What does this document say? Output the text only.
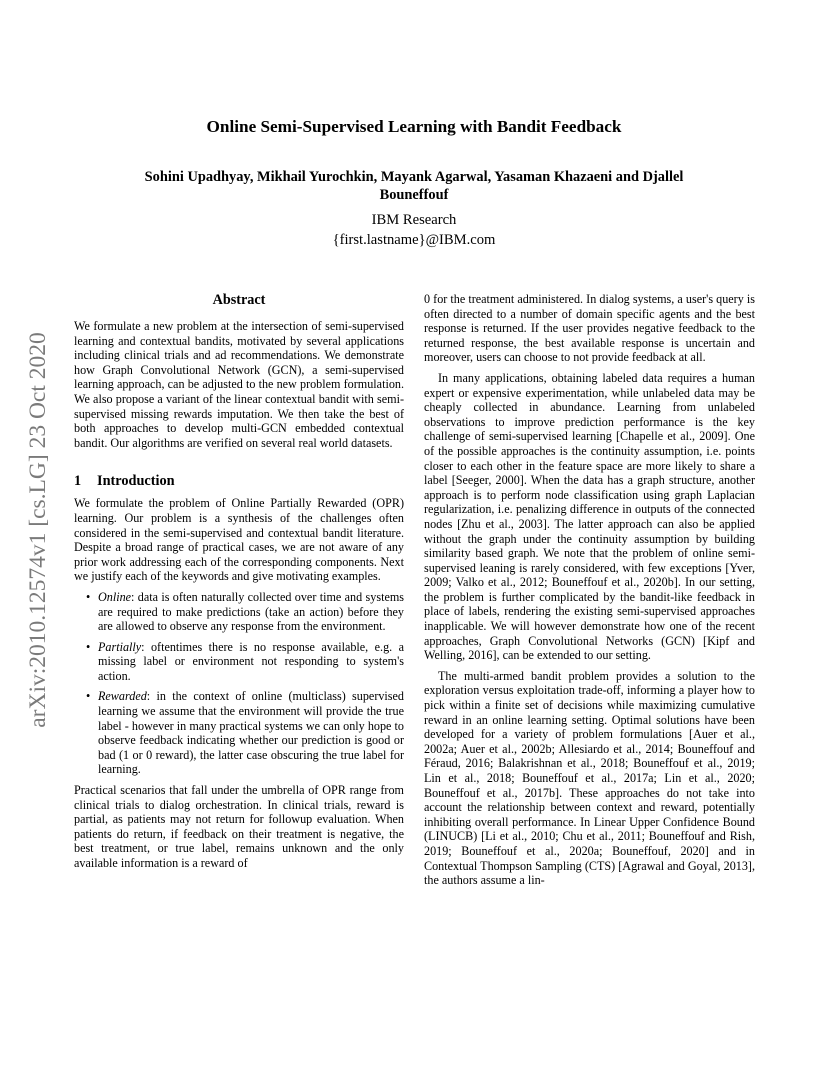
arXiv:2010.12574v1 [cs.LG] 23 Oct 2020
Online Semi-Supervised Learning with Bandit Feedback
Sohini Upadhyay, Mikhail Yurochkin, Mayank Agarwal, Yasaman Khazaeni and Djallel
Bouneffouf
IBM Research
{first.lastname}@IBM.com
Abstract

We formulate a new problem at the intersection of semi-supervised learning and contextual bandits, motivated by several applications including clinical trials and ad recommendations. We demonstrate how Graph Convolutional Network (GCN), a semi-supervised learning approach, can be adjusted to the new problem formulation. We also propose a variant of the linear contextual bandit with semi-supervised missing rewards imputation. We then take the best of both approaches to develop multi-GCN embedded contextual bandit. Our algorithms are verified on several real world datasets.

1 Introduction

We formulate the problem of Online Partially Rewarded (OPR) learning. Our problem is a synthesis of the challenges often considered in the semi-supervised and contextual bandit literature. Despite a broad range of practical cases, we are not aware of any prior work addressing each of the corresponding components. Next we justify each of the keywords and give motivating examples.

• Online: data is often naturally collected over time and systems are required to make predictions (take an action) before they are allowed to observe any response from the environment.
• Partially: oftentimes there is no response available, e.g. a missing label or environment not responding to system's action.
• Rewarded: in the context of online (multiclass) supervised learning we assume that the environment will provide the true label - however in many practical systems we can only hope to observe feedback indicating whether our prediction is good or bad (1 or 0 reward), the latter case obscuring the true label for learning.

Practical scenarios that fall under the umbrella of OPR range from clinical trials to dialog orchestration. In clinical trials, reward is partial, as patients may not return for followup evaluation. When patients do return, if feedback on their treatment is negative, the best treatment, or true label, remains unknown and the only available information is a reward of

0 for the treatment administered. In dialog systems, a user's query is often directed to a number of domain specific agents and the best response is returned. If the user provides negative feedback to the returned response, the best available response is uncertain and moreover, users can choose to not provide feedback at all.

In many applications, obtaining labeled data requires a human expert or expensive experimentation, while unlabeled data may be cheaply collected in abundance. Learning from unlabeled observations to improve prediction performance is the key challenge of semi-supervised learning [Chapelle et al., 2009]. One of the possible approaches is the continuity assumption, i.e. points closer to each other in the feature space are more likely to share a label [Seeger, 2000]. When the data has a graph structure, another approach is to perform node classification using graph Laplacian regularization, i.e. penalizing difference in outputs of the connected nodes [Zhu et al., 2003]. The latter approach can also be applied without the graph under the continuity assumption by building similarity based graph. We note that the problem of online semi-supervised leaning is rarely considered, with few exceptions [Yver, 2009; Valko et al., 2012; Bouneffouf et al., 2020b]. In our setting, the problem is further complicated by the bandit-like feedback in place of labels, rendering the existing semi-supervised approaches inapplicable. We will however demonstrate how one of the recent approaches, Graph Convolutional Networks (GCN) [Kipf and Welling, 2016], can be extended to our setting.

The multi-armed bandit problem provides a solution to the exploration versus exploitation trade-off, informing a player how to pick within a finite set of decisions while maximizing cumulative reward in an online learning setting. Optimal solutions have been developed for a variety of problem formulations [Auer et al., 2002a; Auer et al., 2002b; Allesiardo et al., 2014; Bouneffouf and Féraud, 2016; Balakrishnan et al., 2018; Bouneffouf et al., 2019; Lin et al., 2018; Bouneffouf et al., 2017a; Lin et al., 2020; Bouneffouf et al., 2017b]. These approaches do not take into account the relationship between context and reward, potentially inhibiting overall performance. In Linear Upper Confidence Bound (LINUCB) [Li et al., 2010; Chu et al., 2011; Bouneffouf and Rish, 2019; Bouneffouf et al., 2020a; Bouneffouf, 2020] and in Contextual Thompson Sampling (CTS) [Agrawal and Goyal, 2013], the authors assume a lin-
